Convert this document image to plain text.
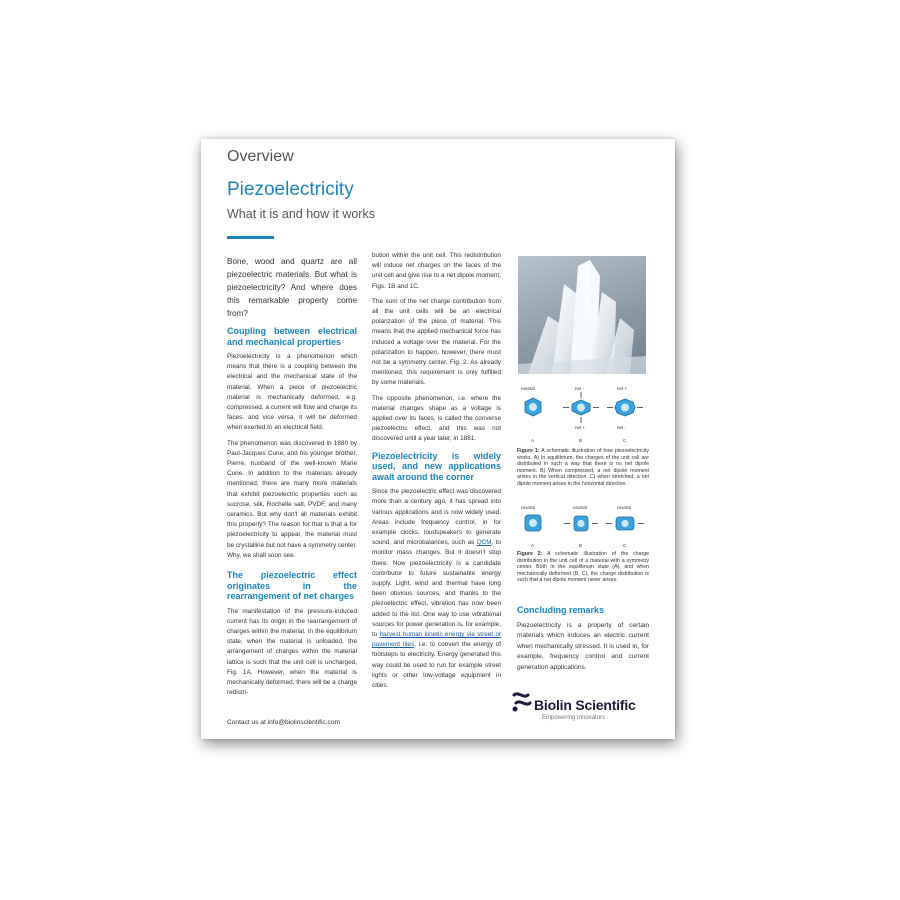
Overview
Piezoelectricity
What it is and how it works

Bone, wood and quartz are all piezoelectric materials. But what is piezoelectricity? And where does this remarkable property come from?

Coupling between electrical and mechanical properties

Piezoelectricity is a phenomenon which means that there is a coupling between the electrical and the mechanical state of the material. When a piece of piezoelectric material is mechanically deformed, e.g. compressed, a current will flow and charge its faces. and vice versa, it will be deformed when exerted to an electrical field.

The phenomenon was discovered in 1880 by Paul-Jacques Curie, and his younger brother, Pierre, husband of the well-known Marie Curie. In addition to the materials already mentioned, there are many more materials that exhibit piezoelectric properties such as sucrose, silk, Rochelle salt, PVDF, and many ceramics. But why don't all materials exhibit this property? The reason for that is that a for piezoelectricity to appear, the material must be crystalline but not have a symmetry center. Why, we shall soon see.

The piezoelectric effect originates in the rearrangement of net charges

The manifestation of the pressure-induced current has its origin in the rearrangement of charges within the material. In the equilibrium state, when the material is unloaded, the arrangement of charges within the material lattice is such that the unit cell is uncharged, Fig. 1A. However, when the material is mechanically deformed, there will be a charge redistri-

bution within the unit cell. This redistribution will induce net charges on the faces of the unit cell and give rise to a net dipole moment, Figs. 1B and 1C.

The sum of the net charge contribution from all the unit cells will be an electrical polarization of the piece of material. This means that the applied mechanical force has induced a voltage over the material. For the polarization to happen, however, there must not be a symmetry center, Fig. 2. As already mentioned, this requirement is only fulfilled by some materials.

The opposite phenomenon, i.e. where the material changes shape as a voltage is applied over its faces, is called the converse piezoelectric effect, and this was not discovered until a year later, in 1881.

Piezoelectricity is widely used, and new applications await around the corner

Since the piezoelectric effect was discovered more than a century ago, it has spread into various applications and is now widely used. Areas include frequency control, in for example clocks, loudspeakers to generate sound, and microbalances, such as QCM, to monitor mass changes. But it doesn't stop there. Now piezoelectricity is a candidate contributor to future sustainable energy supply. Light, wind and thermal have long been obvious sources, and thanks to the piezoelectric effect, vibration has now been added to the list. One way to use vibrational sources for power generation is, for example, to harvest human kinetic energy via street or pavement tiles, i.e. to convert the energy of footsteps to electricity. Energy generated this way could be used to run for example street lights or other low-voltage equipment in cities.

neutral	net -	net +
net +	net -
A	B	C
Figure 1: A schematic illustration of how piezoelectricity works. A) In equilibrium, the charges of the unit cell are distributed in such a way that there is no net dipole moment. B) When compressed, a net dipole moment arises in the vertical direction. C) when stretched, a net dipole moment arises in the horizontal direction.
neutral	neutral	neutral
A	B	C
Figure 2: A schematic illustration of the charge distribution in the unit cell of a material with a symmetry center. Both in the equilibrium state (A), and when mechanically deformed (B, C), the charge distribution is such that a net dipole moment never arises.
Concluding remarks

Piezoelectricity is a property of certain materials which induces an electric current when mechanically stressed. It is used in, for example, frequency control and current generation applications.

Contact us at info@biolinscientific.com
Biolin Scientific
Empowering Innovators
